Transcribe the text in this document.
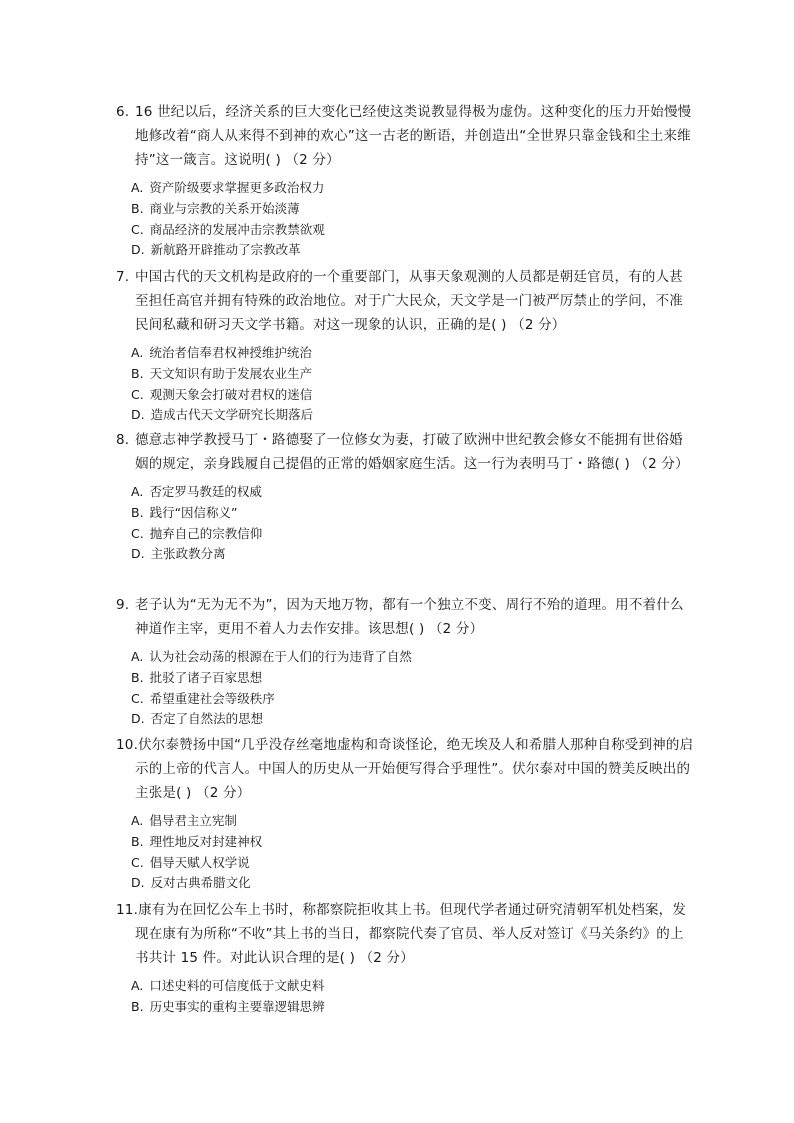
6. 16 世纪以后，经济关系的巨大变化已经使这类说教显得极为虚伪。这种变化的压力开始慢慢地修改着“商人从来得不到神的欢心”这一古老的断语，并创造出“全世界只靠金钱和尘土来维持”这一箴言。这说明( ) （2 分）

A. 资产阶级要求掌握更多政治权力
B. 商业与宗教的关系开始淡薄
C. 商品经济的发展冲击宗教禁欲观
D. 新航路开辟推动了宗教改革

7. 中国古代的天文机构是政府的一个重要部门，从事天象观测的人员都是朝廷官员，有的人甚至担任高官并拥有特殊的政治地位。对于广大民众，天文学是一门被严厉禁止的学问，不准民间私藏和研习天文学书籍。对这一现象的认识，正确的是( ) （2 分）

A. 统治者信奉君权神授维护统治
B. 天文知识有助于发展农业生产
C. 观测天象会打破对君权的迷信
D. 造成古代天文学研究长期落后

8. 德意志神学教授马丁・路德娶了一位修女为妻，打破了欧洲中世纪教会修女不能拥有世俗婚姻的规定，亲身践履自己提倡的正常的婚姻家庭生活。这一行为表明马丁・路德( ) （2 分）

A. 否定罗马教廷的权威
B. 践行“因信称义”
C. 抛弃自己的宗教信仰
D. 主张政教分离

9. 老子认为“无为无不为”，因为天地万物，都有一个独立不变、周行不殆的道理。用不着什么神道作主宰，更用不着人力去作安排。该思想( ) （2 分）

A. 认为社会动荡的根源在于人们的行为违背了自然
B. 批驳了诸子百家思想
C. 希望重建社会等级秩序
D. 否定了自然法的思想

10.伏尔泰赞扬中国“几乎没存丝毫地虚构和奇谈怪论，绝无埃及人和希腊人那种自称受到神的启示的上帝的代言人。中国人的历史从一开始便写得合乎理性”。伏尔泰对中国的赞美反映出的主张是( ) （2 分）

A. 倡导君主立宪制
B. 理性地反对封建神权
C. 倡导天赋人权学说
D. 反对古典希腊文化

11.康有为在回忆公车上书时，称都察院拒收其上书。但现代学者通过研究清朝军机处档案，发现在康有为所称“不收”其上书的当日，都察院代奏了官员、举人反对签订《马关条约》的上书共计 15 件。对此认识合理的是( ) （2 分）

A. 口述史料的可信度低于文献史料
B. 历史事实的重构主要靠逻辑思辨
